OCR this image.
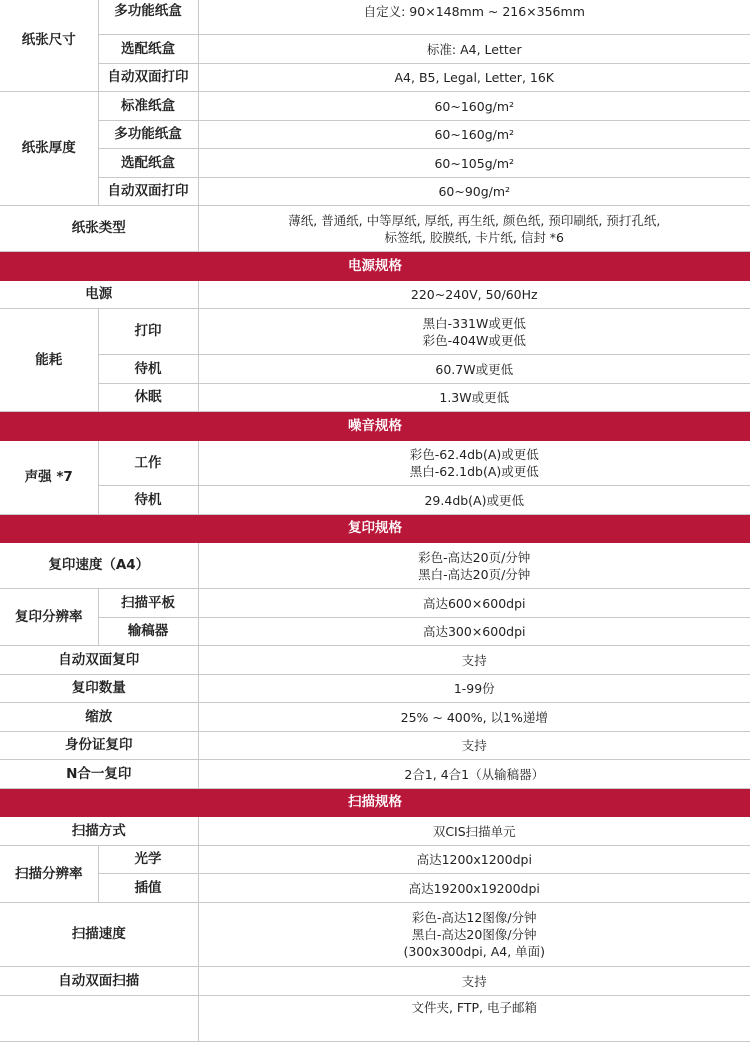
纸张尺寸	多功能纸盒	自定义: 90×148mm ~ 216×356mm

	选配纸盒	标准: A4, Letter
	自动双面打印	A4, B5, Legal, Letter, 16K
纸张厚度	标准纸盒	60~160g/m²
	多功能纸盒	60~160g/m²
	选配纸盒	60~105g/m²
	自动双面打印	60~90g/m²
纸张类型		薄纸, 普通纸, 中等厚纸, 厚纸, 再生纸, 颜色纸, 预印刷纸, 预打孔纸,
标签纸, 胶膜纸, 卡片纸, 信封 *6

电源规格		
电源		220~240V, 50/60Hz
能耗	打印	黑白-331W或更低
彩色-404W或更低

	待机	60.7W或更低
	休眠	1.3W或更低
噪音规格		
声强 *7	工作	彩色-62.4db(A)或更低
黑白-62.1db(A)或更低

	待机	29.4db(A)或更低
复印规格		
复印速度（A4）		彩色-高达20页/分钟
黑白-高达20页/分钟

复印分辨率	扫描平板	高达600×600dpi
	输稿器	高达300×600dpi
自动双面复印		支持
复印数量		1-99份
缩放		25% ~ 400%, 以1%递增
身份证复印		支持
N合一复印		2合1, 4合1（从输稿器）
扫描规格		
扫描方式		双CIS扫描单元
扫描分辨率	光学	高达1200x1200dpi
	插值	高达19200x19200dpi
扫描速度		彩色-高达12图像/分钟
黑白-高达20图像/分钟
(300x300dpi, A4, 单面)

自动双面扫描		支持
		文件夹, FTP, 电子邮箱
